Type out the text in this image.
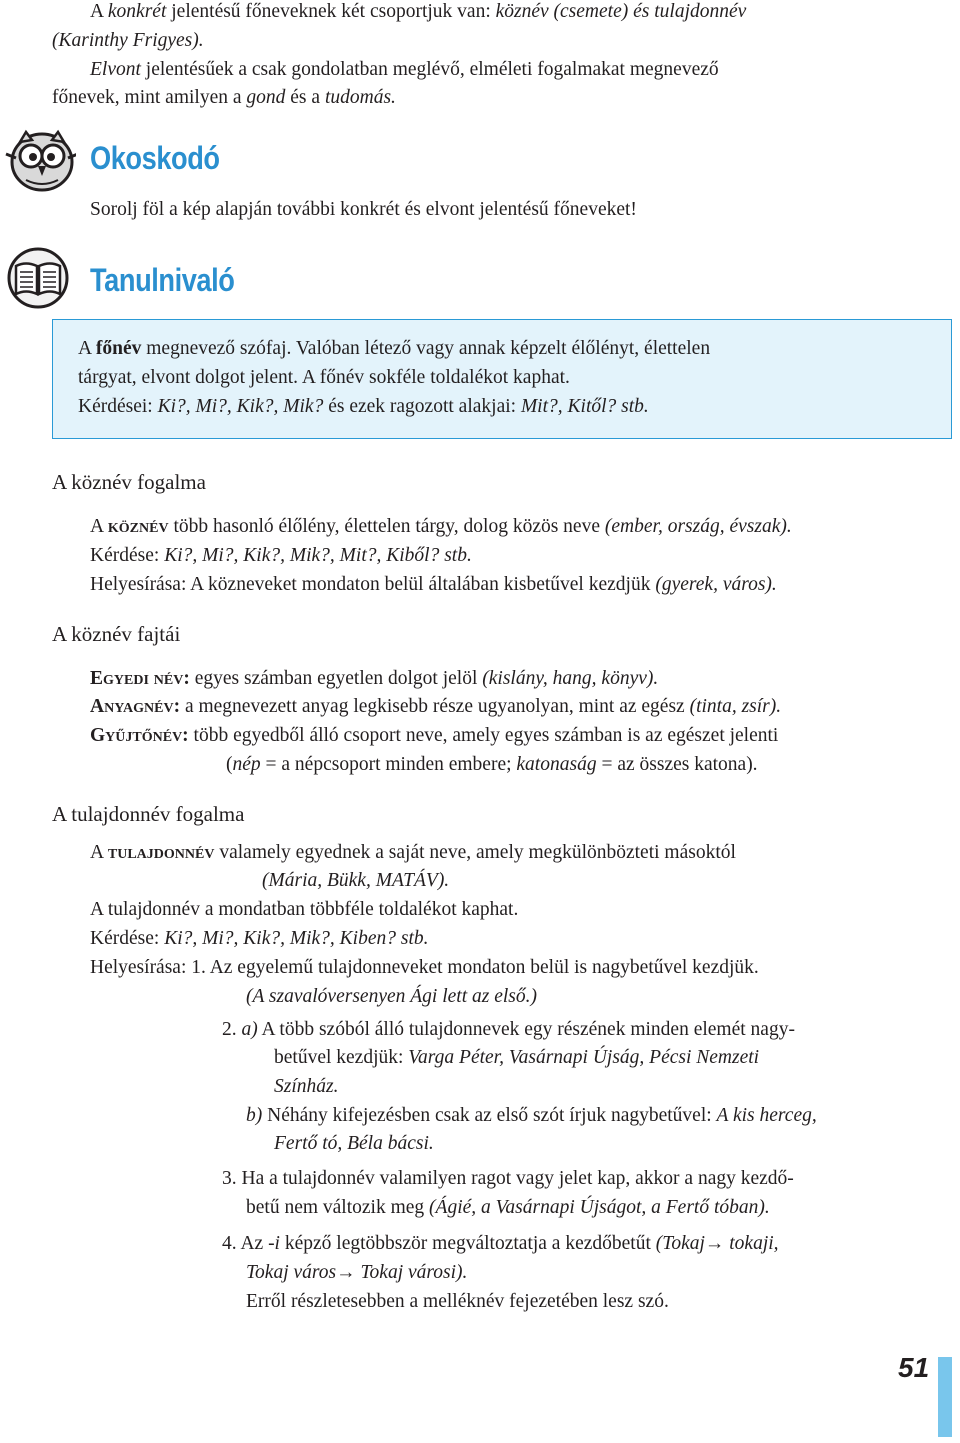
A konkrét jelentésű főneveknek két csoportjuk van: köznév (csemete) és tulajdonnév
(Karinthy Frigyes).
Elvont jelentésűek a csak gondolatban meglévő, elméleti fogalmakat megnevező
főnevek, mint amilyen a gond és a tudomás.
Okoskodó
Sorolj föl a kép alapján további konkrét és elvont jelentésű főneveket!
Tanulnivaló
A főnév megnevező szófaj. Valóban létező vagy annak képzelt élőlényt, élettelen
tárgyat, elvont dolgot jelent. A főnév sokféle toldalékot kaphat.
Kérdései: Ki?, Mi?, Kik?, Mik? és ezek ragozott alakjai: Mit?, Kitől? stb.
A köznév fogalma
A köznév több hasonló élőlény, élettelen tárgy, dolog közös neve (ember, ország, évszak).
Kérdése: Ki?, Mi?, Kik?, Mik?, Mit?, Kiből? stb.
Helyesírása: A közneveket mondaton belül általában kisbetűvel kezdjük (gyerek, város).
A köznév fajtái
Egyedi név: egyes számban egyetlen dolgot jelöl (kislány, hang, könyv).
Anyagnév: a megnevezett anyag legkisebb része ugyanolyan, mint az egész (tinta, zsír).
Gyűjtőnév: több egyedből álló csoport neve, amely egyes számban is az egészet jelenti
(nép = a népcsoport minden embere; katonaság = az összes katona).
A tulajdonnév fogalma
A tulajdonnév valamely egyednek a saját neve, amely megkülönbözteti másoktól
(Mária, Bükk, MATÁV).
A tulajdonnév a mondatban többféle toldalékot kaphat.
Kérdése: Ki?, Mi?, Kik?, Mik?, Kiben? stb.
Helyesírása: 1. Az egyelemű tulajdonneveket mondaton belül is nagybetűvel kezdjük.
(A szavalóversenyen Ági lett az első.)
2. a) A több szóból álló tulajdonnevek egy részének minden elemét nagy-
betűvel kezdjük: Varga Péter, Vasárnapi Újság, Pécsi Nemzeti
Színház.
b) Néhány kifejezésben csak az első szót írjuk nagybetűvel: A kis herceg,
Fertő tó, Béla bácsi.
3. Ha a tulajdonnév valamilyen ragot vagy jelet kap, akkor a nagy kezdő-
betű nem változik meg (Ágié, a Vasárnapi Újságot, a Fertő tóban).
4. Az -i képző legtöbbször megváltoztatja a kezdőbetűt (Tokaj→ tokaji,
Tokaj város→ Tokaj városi).
Erről részletesebben a melléknév fejezetében lesz szó.
51
